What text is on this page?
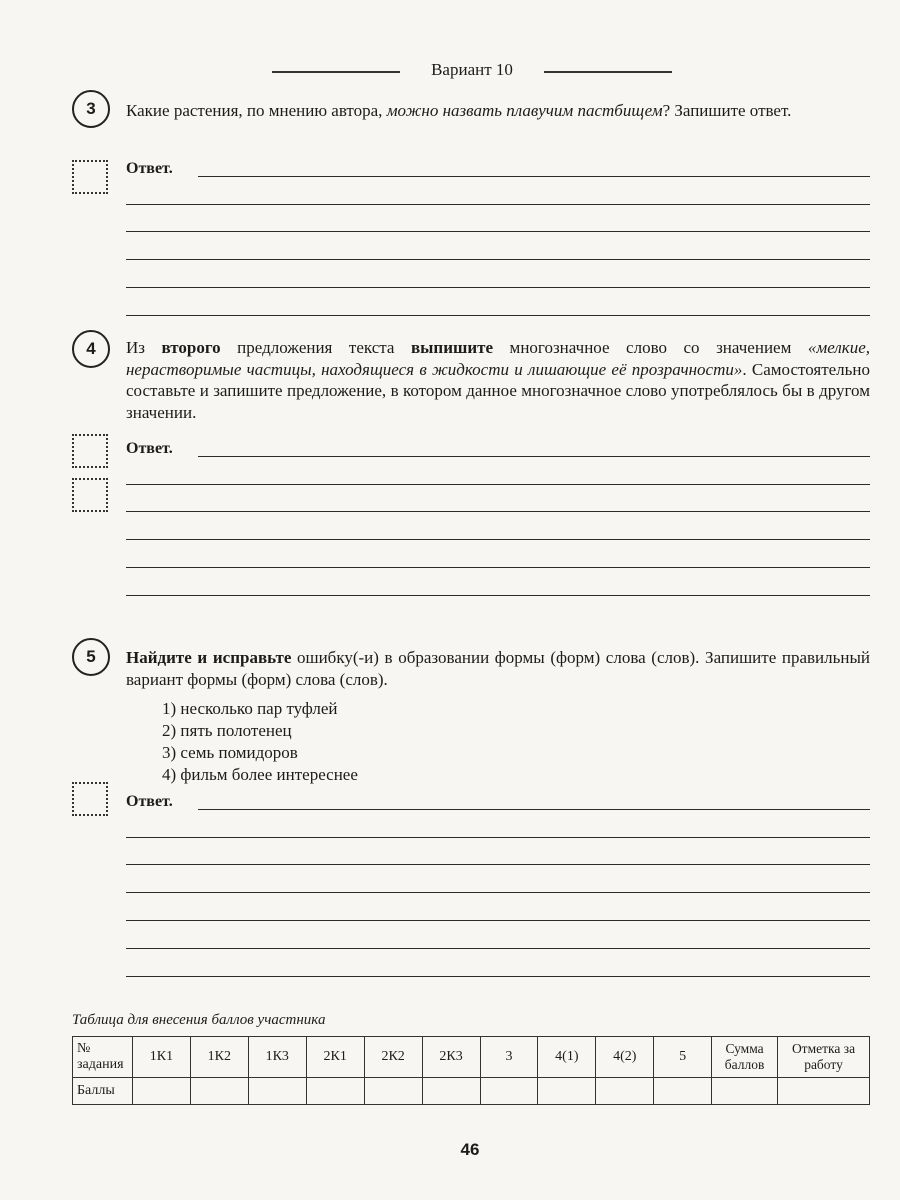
Вариант 10
3	Какие растения, по мнению автора, можно назвать плавучим пастбищем? Запишите ответ.
Ответ.
4	Из второго предложения текста выпишите многозначное слово со значением «мелкие, нерастворимые частицы, находящиеся в жидкости и лишающие её прозрачности». Самостоятельно составьте и запишите предложение, в котором данное многозначное слово употреблялось бы в другом значении.
Ответ.
5	Найдите и исправьте ошибку(-и) в образовании формы (форм) слова (слов). Запишите правильный вариант формы (форм) слова (слов).
1) несколько пар туфлей
2) пять полотенец
3) семь помидоров
4) фильм более интереснее
Ответ.
Таблица для внесения баллов участника
№ задания	1К1	1К2	1К3	2К1	2К2	2К3	3	4(1)	4(2)	5	Сумма баллов	Отметка за работу
Баллы												
46
